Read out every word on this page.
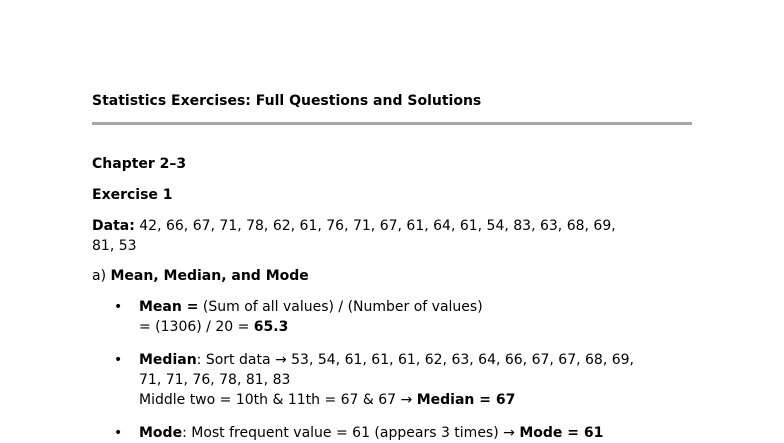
Statistics Exercises: Full Questions and Solutions
Chapter 2–3
Exercise 1
Data: 42, 66, 67, 71, 78, 62, 61, 76, 71, 67, 61, 64, 61, 54, 83, 63, 68, 69,
81, 53
a) Mean, Median, and Mode
• Mean = (Sum of all values) / (Number of values)
= (1306) / 20 = 65.3
• Median: Sort data → 53, 54, 61, 61, 61, 62, 63, 64, 66, 67, 67, 68, 69,
71, 71, 76, 78, 81, 83
Middle two = 10th & 11th = 67 & 67 → Median = 67
• Mode: Most frequent value = 61 (appears 3 times) → Mode = 61
